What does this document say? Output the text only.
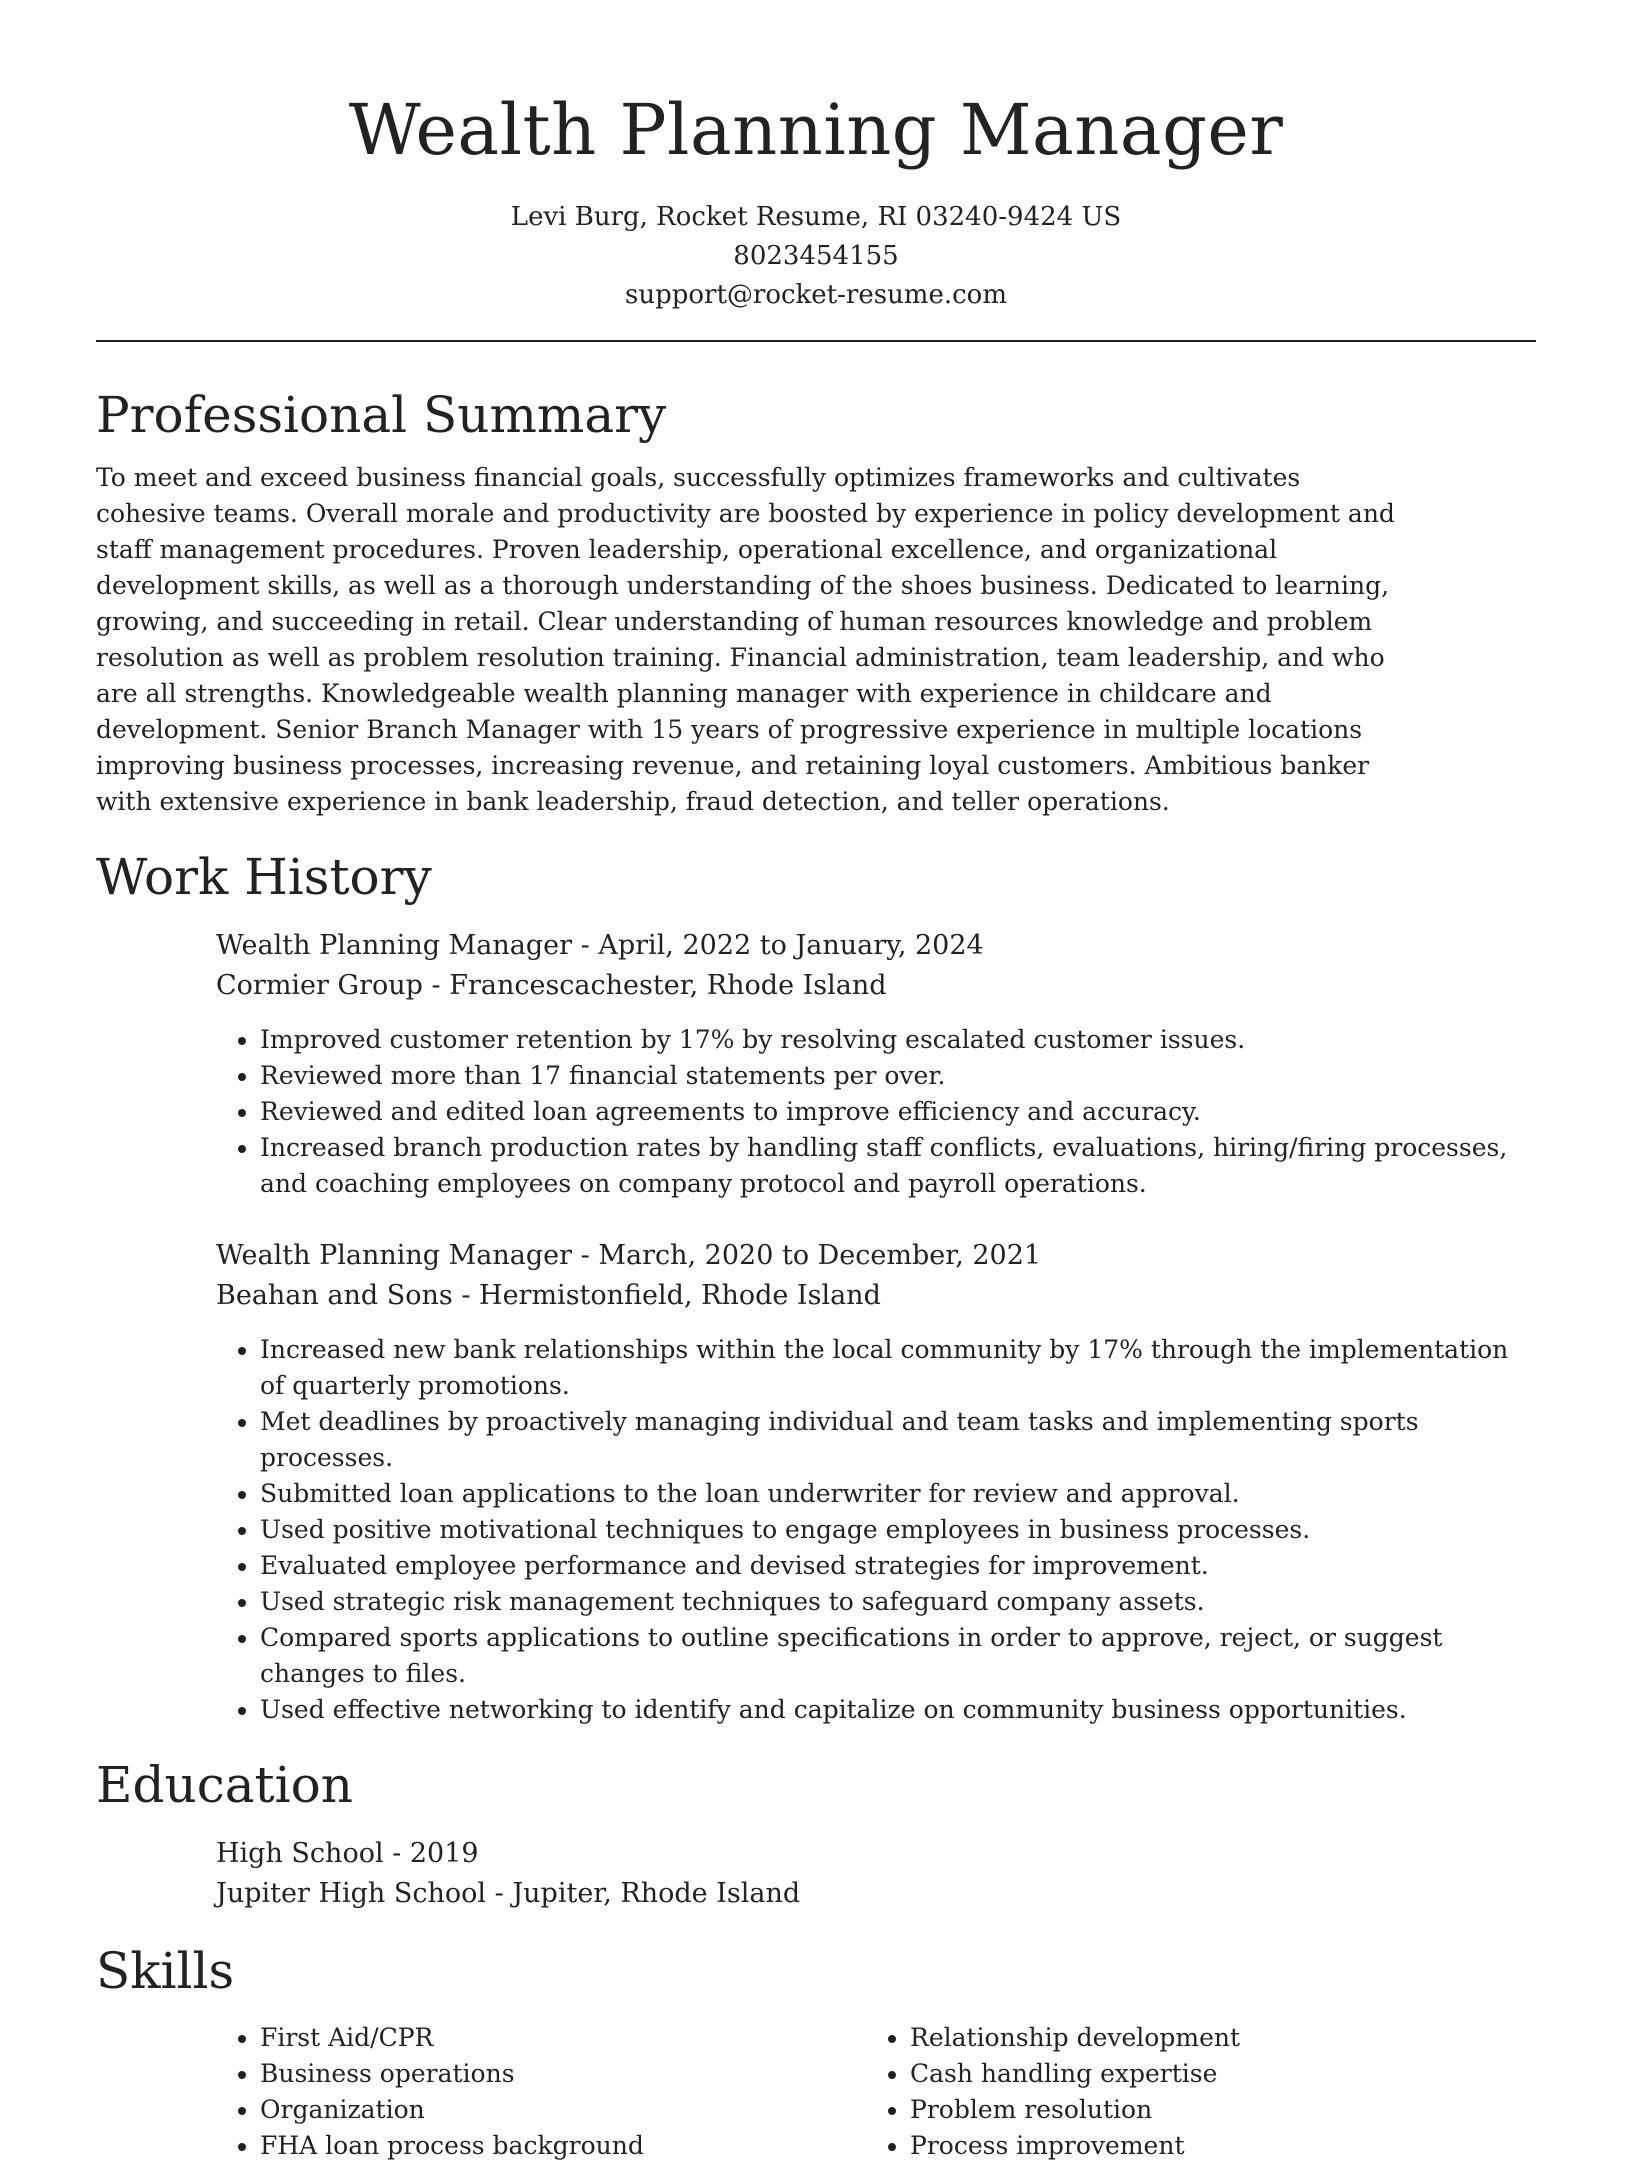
Wealth Planning Manager
Levi Burg, Rocket Resume, RI 03240-9424 US
8023454155
support@rocket-resume.com
Professional Summary

To meet and exceed business financial goals, successfully optimizes frameworks and cultivates cohesive teams. Overall morale and productivity are boosted by experience in policy development and staff management procedures. Proven leadership, operational excellence, and organizational development skills, as well as a thorough understanding of the shoes business. Dedicated to learning, growing, and succeeding in retail. Clear understanding of human resources knowledge and problem resolution as well as problem resolution training. Financial administration, team leadership, and who are all strengths. Knowledgeable wealth planning manager with experience in childcare and development. Senior Branch Manager with 15 years of progressive experience in multiple locations improving business processes, increasing revenue, and retaining loyal customers. Ambitious banker with extensive experience in bank leadership, fraud detection, and teller operations.

Work History
Wealth Planning Manager - April, 2022 to January, 2024
Cormier Group - Francescachester, Rhode Island
• Improved customer retention by 17% by resolving escalated customer issues.
• Reviewed more than 17 financial statements per over.
• Reviewed and edited loan agreements to improve efficiency and accuracy.
• Increased branch production rates by handling staff conflicts, evaluations, hiring/firing processes, and coaching employees on company protocol and payroll operations.
Wealth Planning Manager - March, 2020 to December, 2021
Beahan and Sons - Hermistonfield, Rhode Island
• Increased new bank relationships within the local community by 17% through the implementation of quarterly promotions.
• Met deadlines by proactively managing individual and team tasks and implementing sports processes.
• Submitted loan applications to the loan underwriter for review and approval.
• Used positive motivational techniques to engage employees in business processes.
• Evaluated employee performance and devised strategies for improvement.
• Used strategic risk management techniques to safeguard company assets.
• Compared sports applications to outline specifications in order to approve, reject, or suggest changes to files.
• Used effective networking to identify and capitalize on community business opportunities.
Education
High School - 2019
Jupiter High School - Jupiter, Rhode Island
Skills
• First Aid/CPR
• Business operations
• Organization
• FHA loan process background
• Relationship development
• Cash handling expertise
• Problem resolution
• Process improvement
